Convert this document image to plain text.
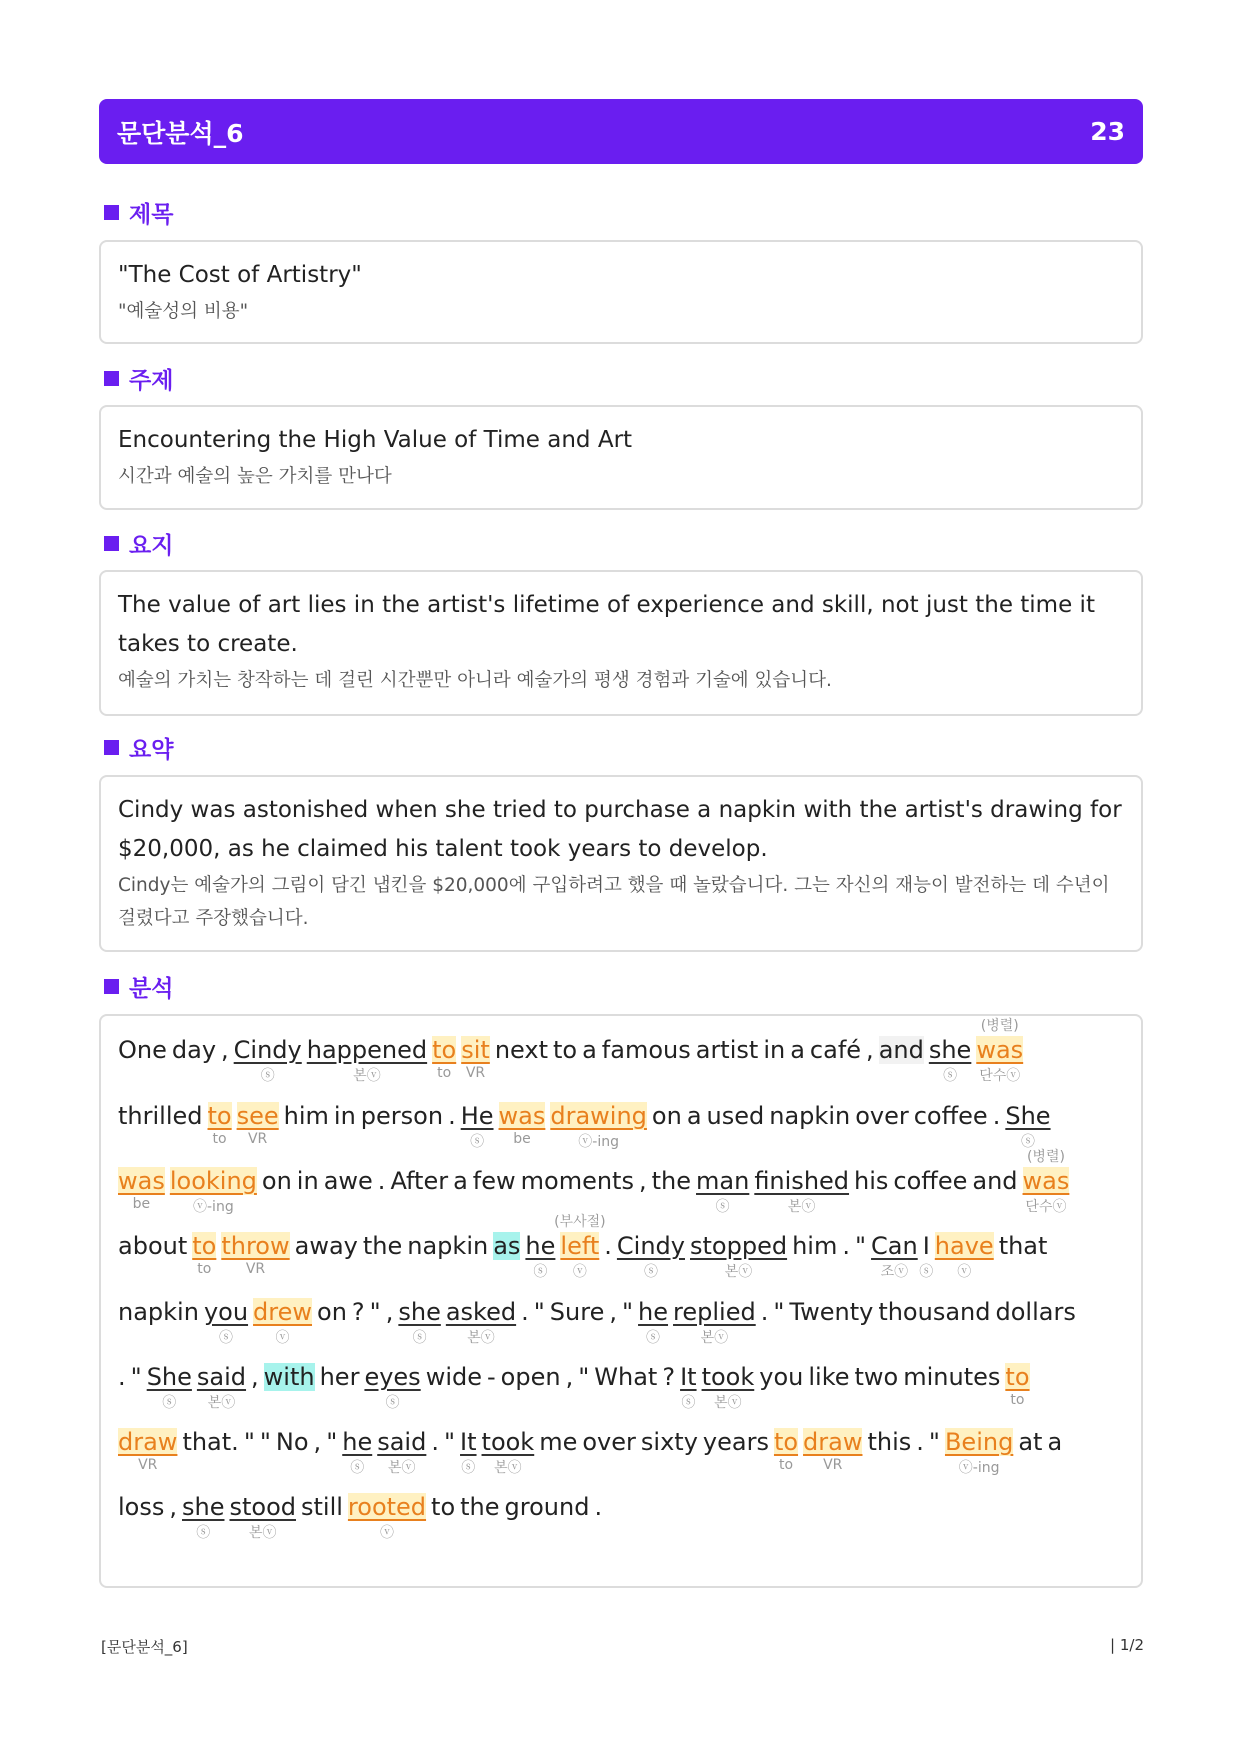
문단분석_6	23
제목
"The Cost of Artistry"
"예술성의 비용"
주제
Encountering the High Value of Time and Art
시간과 예술의 높은 가치를 만나다
요지
The value of art lies in the artist's lifetime of experience and skill, not just the time it takes to create.
예술의 가치는 창작하는 데 걸린 시간뿐만 아니라 예술가의 평생 경험과 기술에 있습니다.
요약
Cindy was astonished when she tried to purchase a napkin with the artist's drawing for $20,000, as he claimed his talent took years to develop.
Cindy는 예술가의 그림이 담긴 냅킨을 $20,000에 구입하려고 했을 때 놀랐습니다. 그는 자신의 재능이 발전하는 데 수년이 걸렸다고 주장했습니다.
분석
One day , Cindy
ⓢ
happened
본ⓥ
to
to
sit
VR
next to a famous artist in a café , and she
ⓢ
was
단수ⓥ
(병렬)
thrilled to
to
see
VR
him in person . He
ⓢ
was
be
drawing
ⓥ-ing
on a used napkin over coffee . She
ⓢ
was
be
looking
ⓥ-ing
on in awe . After a few moments , the man
ⓢ
finished
본ⓥ
his coffee and was
단수ⓥ
(병렬)
about to
to
throw
VR
away the napkin as he
ⓢ
left
ⓥ
(부사절)
. Cindy
ⓢ
stopped
본ⓥ
him . " Can
조ⓥ
I
ⓢ
have
ⓥ
that
napkin you
ⓢ
drew
ⓥ
on ? " , she
ⓢ
asked
본ⓥ
. " Sure , " he
ⓢ
replied
본ⓥ
. " Twenty thousand dollars
. " She
ⓢ
said
본ⓥ
, with her eyes
ⓢ
wide - open , " What ? It
ⓢ
took
본ⓥ
you like two minutes to
to
draw
VR
that. " " No , " he
ⓢ
said
본ⓥ
. " It
ⓢ
took
본ⓥ
me over sixty years to
to
draw
VR
this . " Being
ⓥ-ing
at a
loss , she
ⓢ
stood
본ⓥ
still rooted
ⓥ
to the ground .
[문단분석_6]	| 1/2
